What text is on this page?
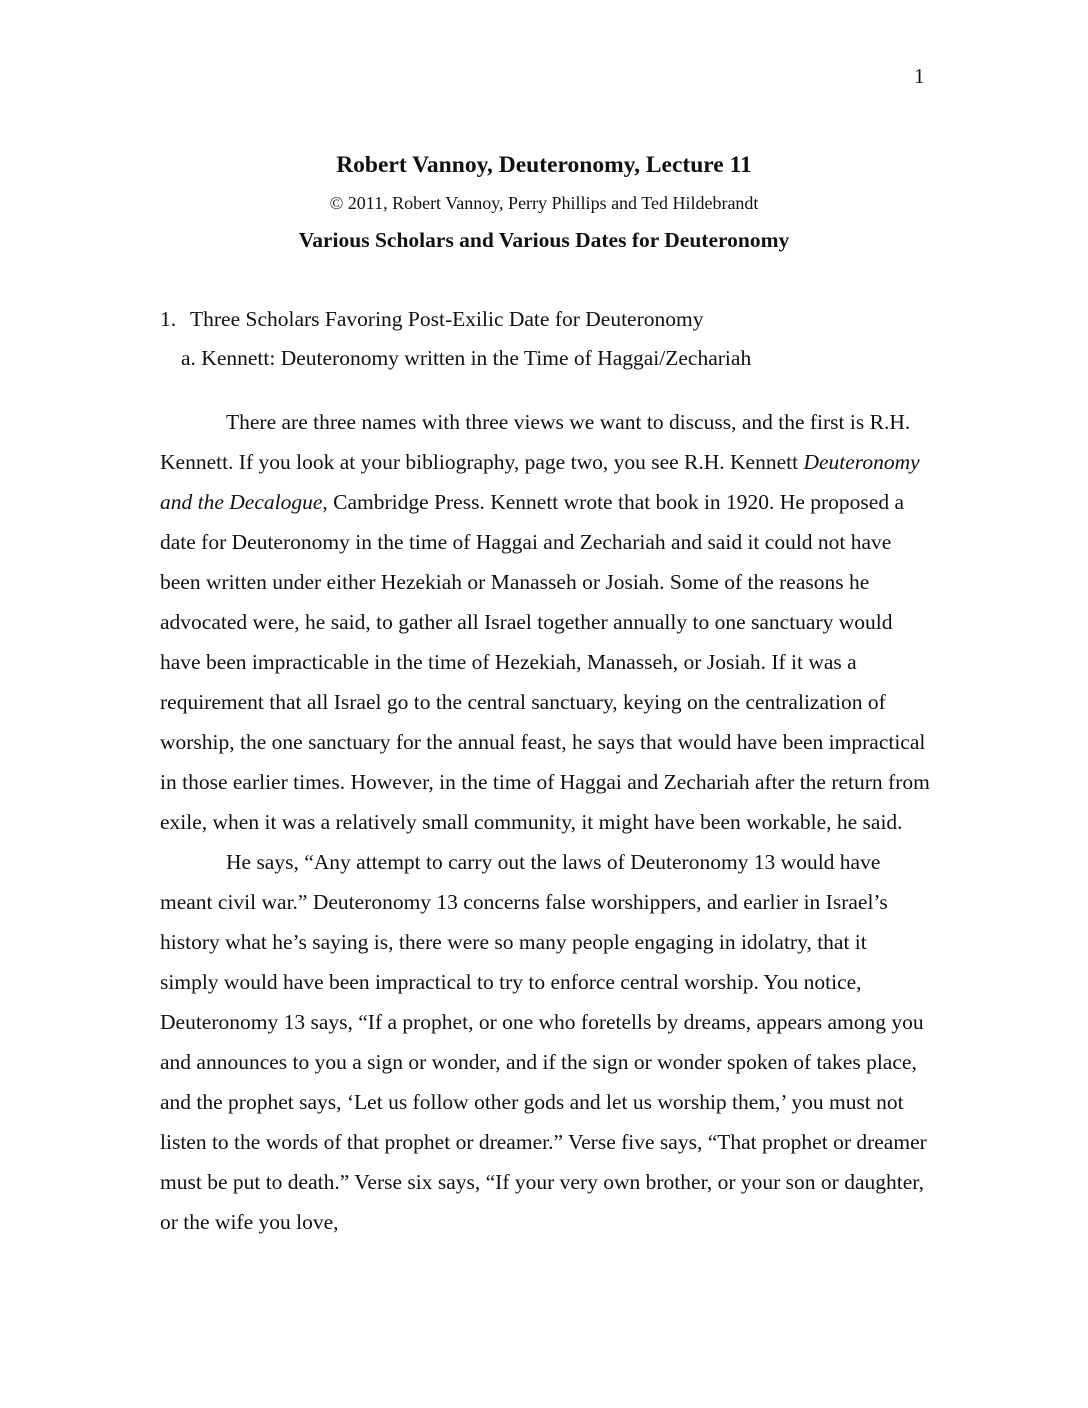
1
Robert Vannoy, Deuteronomy, Lecture 11
© 2011, Robert Vannoy, Perry Phillips and Ted Hildebrandt
Various Scholars and Various Dates for Deuteronomy
1. Three Scholars Favoring Post-Exilic Date for Deuteronomy
a. Kennett: Deuteronomy written in the Time of Haggai/Zechariah

There are three names with three views we want to discuss, and the first is R.H. Kennett. If you look at your bibliography, page two, you see R.H. Kennett Deuteronomy and the Decalogue, Cambridge Press. Kennett wrote that book in 1920. He proposed a date for Deuteronomy in the time of Haggai and Zechariah and said it could not have been written under either Hezekiah or Manasseh or Josiah. Some of the reasons he advocated were, he said, to gather all Israel together annually to one sanctuary would have been impracticable in the time of Hezekiah, Manasseh, or Josiah. If it was a requirement that all Israel go to the central sanctuary, keying on the centralization of worship, the one sanctuary for the annual feast, he says that would have been impractical in those earlier times. However, in the time of Haggai and Zechariah after the return from exile, when it was a relatively small community, it might have been workable, he said.

He says, “Any attempt to carry out the laws of Deuteronomy 13 would have meant civil war.” Deuteronomy 13 concerns false worshippers, and earlier in Israel’s history what he’s saying is, there were so many people engaging in idolatry, that it simply would have been impractical to try to enforce central worship. You notice, Deuteronomy 13 says, “If a prophet, or one who foretells by dreams, appears among you and announces to you a sign or wonder, and if the sign or wonder spoken of takes place, and the prophet says, ‘Let us follow other gods and let us worship them,’ you must not listen to the words of that prophet or dreamer.” Verse five says, “That prophet or dreamer must be put to death.” Verse six says, “If your very own brother, or your son or daughter, or the wife you love,
